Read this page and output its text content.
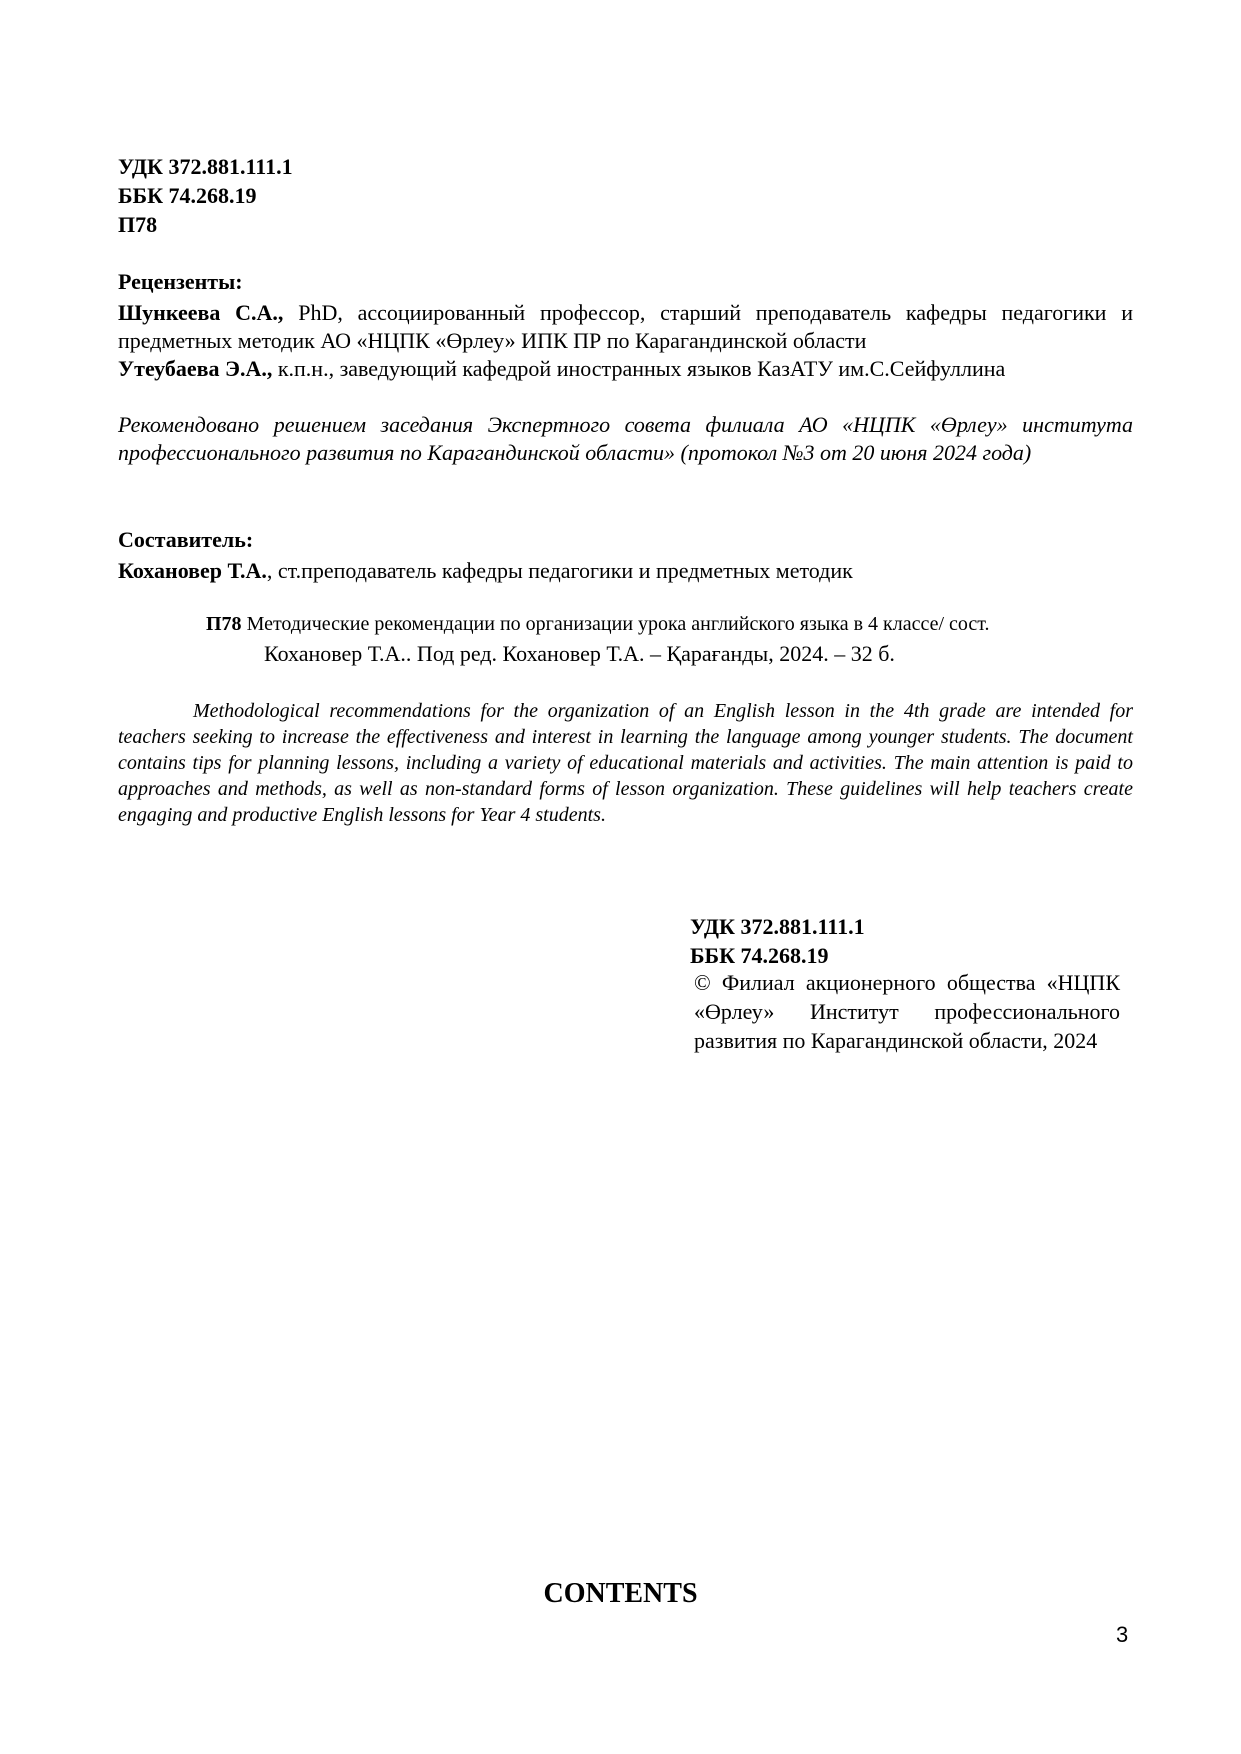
УДК 372.881.111.1
ББК 74.268.19
П78
Рецензенты:
Шункеева С.А., PhD, ассоциированный профессор, старший преподаватель кафедры педагогики и предметных методик АО «НЦПК «Өрлеу» ИПК ПР по Карагандинской области
Утеубаева Э.А., к.п.н., заведующий кафедрой иностранных языков КазАТУ им.С.Сейфуллина
Рекомендовано решением заседания Экспертного совета филиала АО «НЦПК «Өрлеу» института профессионального развития по Карагандинской области» (протокол №3 от 20 июня 2024 года)
Составитель:
Кохановер Т.А., ст.преподаватель кафедры педагогики и предметных методик
П78 Методические рекомендации по организации урока английского языка в 4 классе/ сост.
Кохановер Т.А.. Под ред. Кохановер Т.А. – Қарағанды, 2024. – 32 б.
Methodological recommendations for the organization of an English lesson in the 4th grade are intended for teachers seeking to increase the effectiveness and interest in learning the language among younger students. The document contains tips for planning lessons, including a variety of educational materials and activities. The main attention is paid to approaches and methods, as well as non-standard forms of lesson organization. These guidelines will help teachers create engaging and productive English lessons for Year 4 students.
УДК 372.881.111.1
ББК 74.268.19
© Филиал акционерного общества «НЦПК «Өрлеу» Институт профессионального развития по Карагандинской области, 2024
CONTENTS
3
